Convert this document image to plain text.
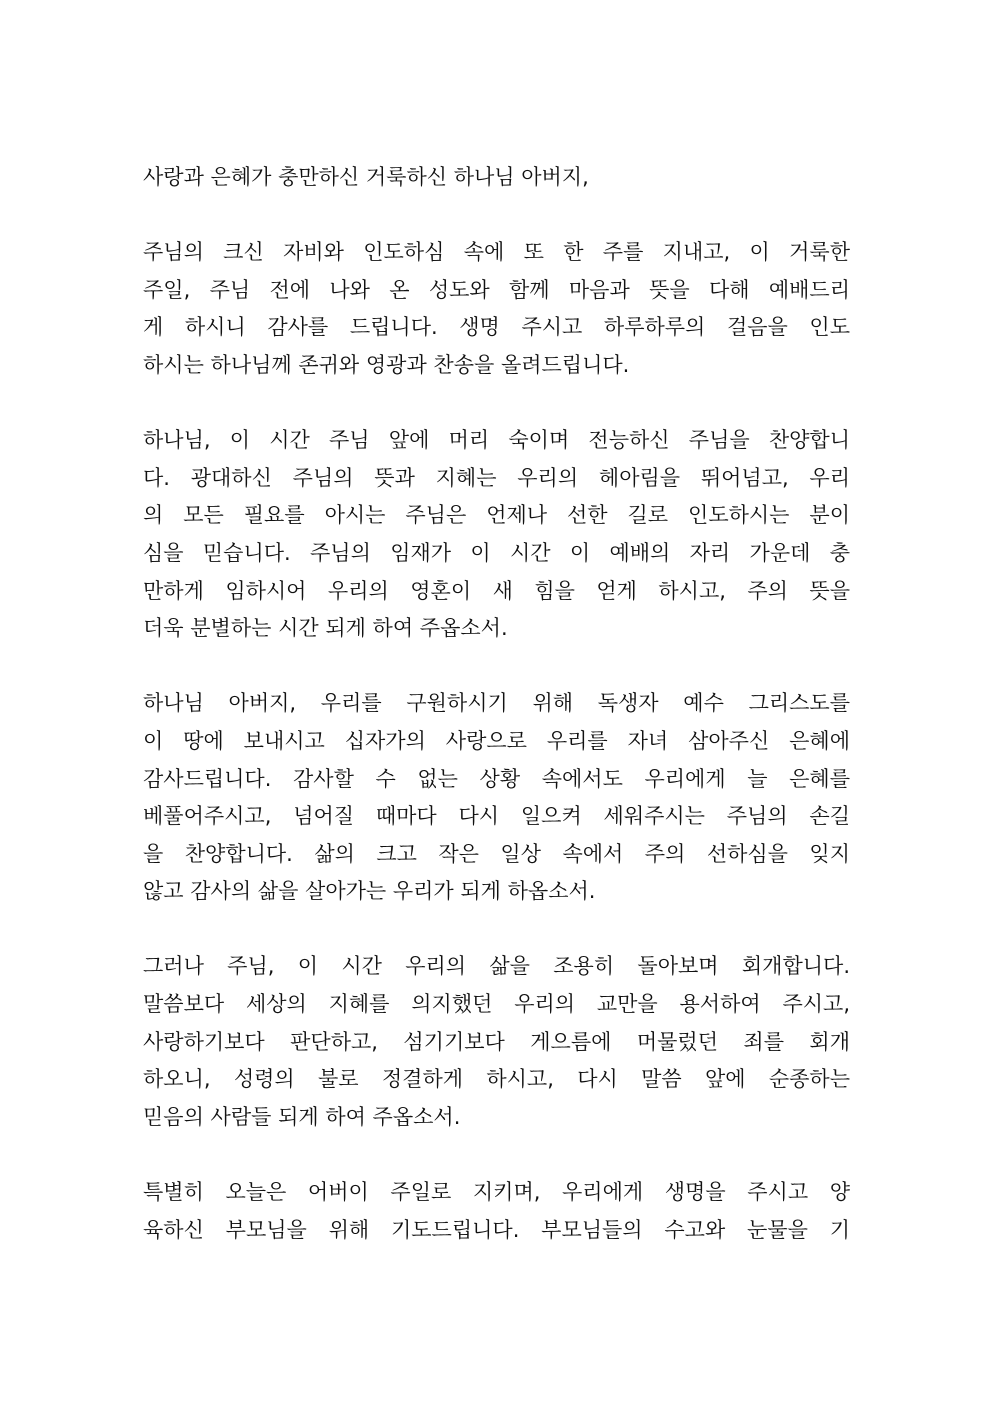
사랑과 은혜가 충만하신 거룩하신 하나님 아버지,
주님의 크신 자비와 인도하심 속에 또 한 주를 지내고, 이 거룩한
주일, 주님 전에 나와 온 성도와 함께 마음과 뜻을 다해 예배드리
게 하시니 감사를 드립니다. 생명 주시고 하루하루의 걸음을 인도
하시는 하나님께 존귀와 영광과 찬송을 올려드립니다.
하나님, 이 시간 주님 앞에 머리 숙이며 전능하신 주님을 찬양합니
다. 광대하신 주님의 뜻과 지혜는 우리의 헤아림을 뛰어넘고, 우리
의 모든 필요를 아시는 주님은 언제나 선한 길로 인도하시는 분이
심을 믿습니다. 주님의 임재가 이 시간 이 예배의 자리 가운데 충
만하게 임하시어 우리의 영혼이 새 힘을 얻게 하시고, 주의 뜻을
더욱 분별하는 시간 되게 하여 주옵소서.
하나님 아버지, 우리를 구원하시기 위해 독생자 예수 그리스도를
이 땅에 보내시고 십자가의 사랑으로 우리를 자녀 삼아주신 은혜에
감사드립니다. 감사할 수 없는 상황 속에서도 우리에게 늘 은혜를
베풀어주시고, 넘어질 때마다 다시 일으켜 세워주시는 주님의 손길
을 찬양합니다. 삶의 크고 작은 일상 속에서 주의 선하심을 잊지
않고 감사의 삶을 살아가는 우리가 되게 하옵소서.
그러나 주님, 이 시간 우리의 삶을 조용히 돌아보며 회개합니다.
말씀보다 세상의 지혜를 의지했던 우리의 교만을 용서하여 주시고,
사랑하기보다 판단하고, 섬기기보다 게으름에 머물렀던 죄를 회개
하오니, 성령의 불로 정결하게 하시고, 다시 말씀 앞에 순종하는
믿음의 사람들 되게 하여 주옵소서.
특별히 오늘은 어버이 주일로 지키며, 우리에게 생명을 주시고 양
육하신 부모님을 위해 기도드립니다. 부모님들의 수고와 눈물을 기
